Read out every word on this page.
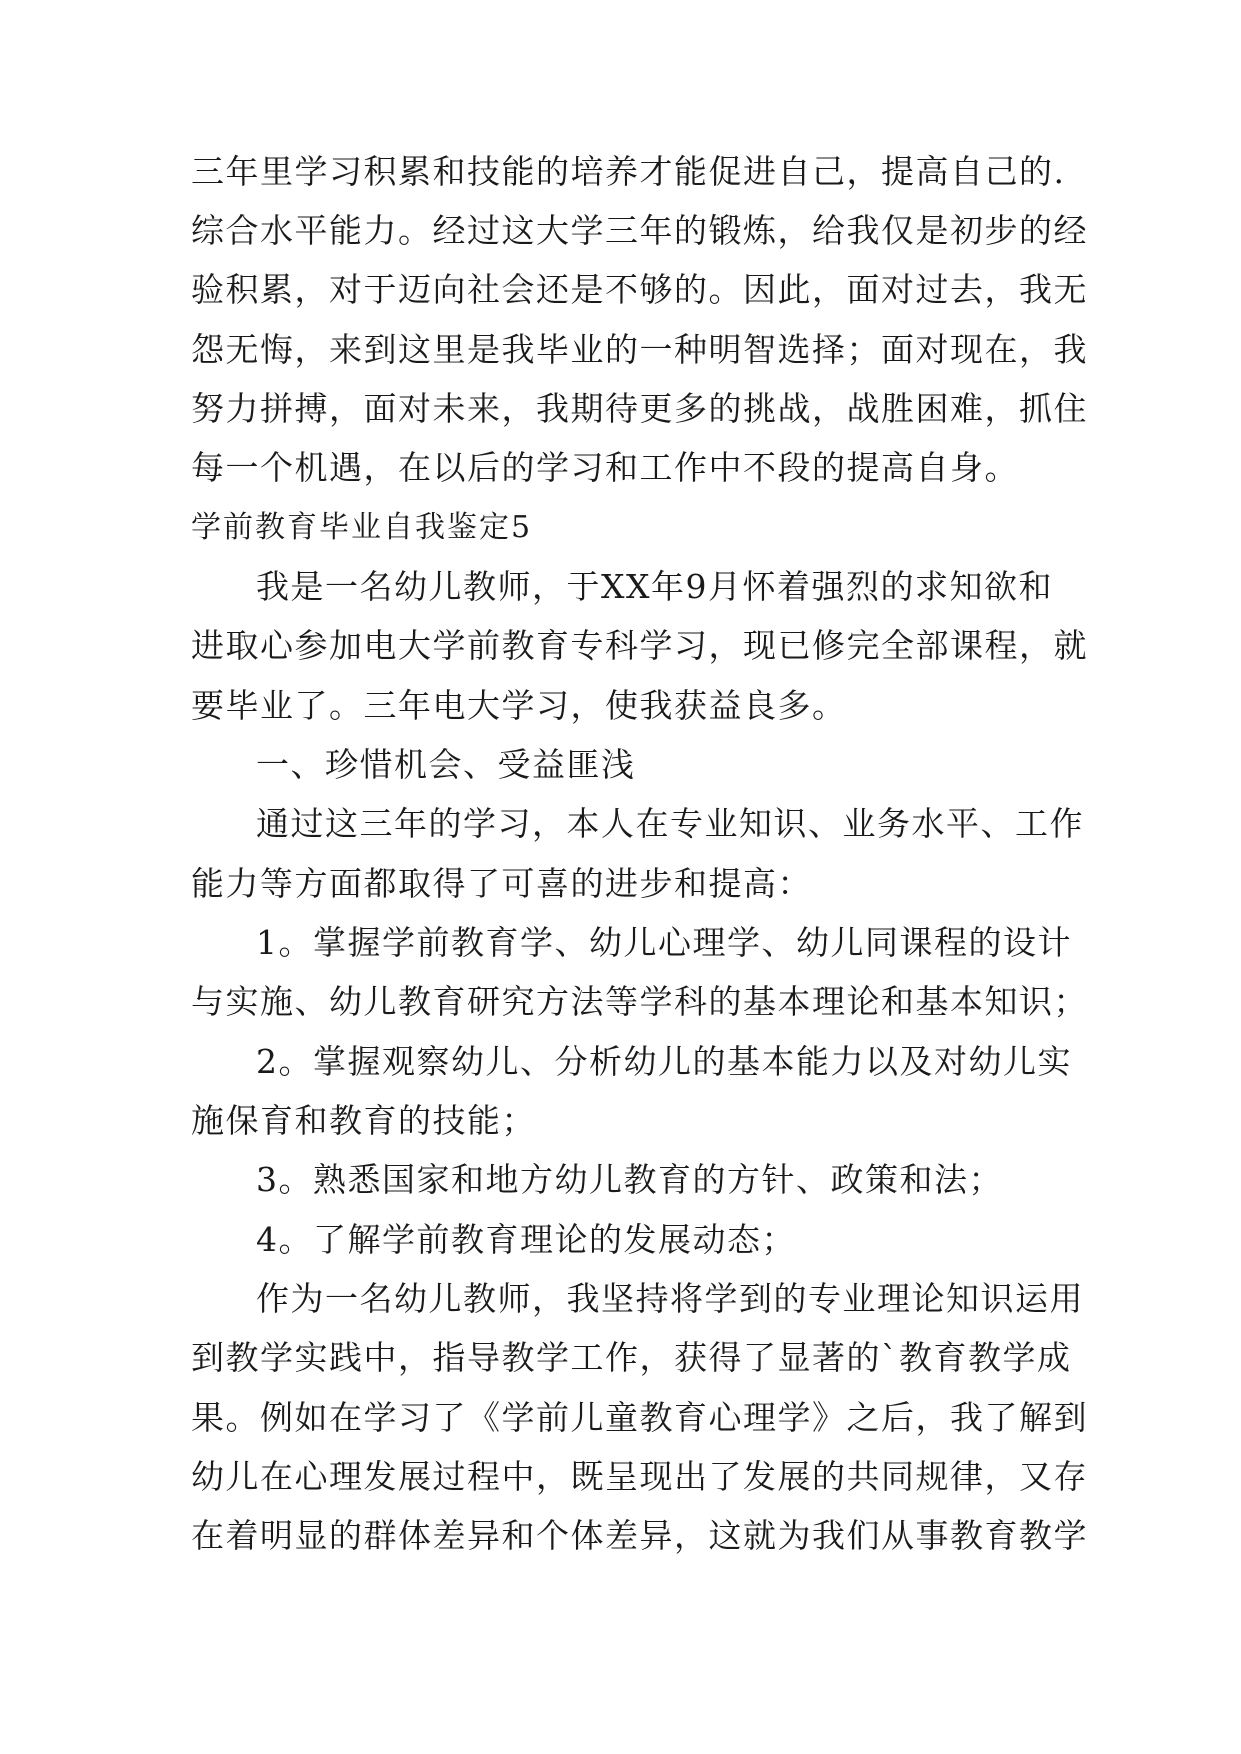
三年里学习积累和技能的培养才能促进自己，提高自己的.
综合水平能力。经过这大学三年的锻炼，给我仅是初步的经
验积累，对于迈向社会还是不够的。因此，面对过去，我无
怨无悔，来到这里是我毕业的一种明智选择；面对现在，我
努力拼搏，面对未来，我期待更多的挑战，战胜困难，抓住
每一个机遇，在以后的学习和工作中不段的提高自身。
学前教育毕业自我鉴定5
我是一名幼儿教师，于XX年9月怀着强烈的求知欲和
进取心参加电大学前教育专科学习，现已修完全部课程，就
要毕业了。三年电大学习，使我获益良多。
一、珍惜机会、受益匪浅
通过这三年的学习，本人在专业知识、业务水平、工作
能力等方面都取得了可喜的进步和提高：
1。掌握学前教育学、幼儿心理学、幼儿同课程的设计
与实施、幼儿教育研究方法等学科的基本理论和基本知识；
2。掌握观察幼儿、分析幼儿的基本能力以及对幼儿实
施保育和教育的技能；
3。熟悉国家和地方幼儿教育的方针、政策和法；
4。了解学前教育理论的发展动态；
作为一名幼儿教师，我坚持将学到的专业理论知识运用
到教学实践中，指导教学工作，获得了显著的`教育教学成
果。例如在学习了《学前儿童教育心理学》之后，我了解到
幼儿在心理发展过程中，既呈现出了发展的共同规律，又存
在着明显的群体差异和个体差异，这就为我们从事教育教学
